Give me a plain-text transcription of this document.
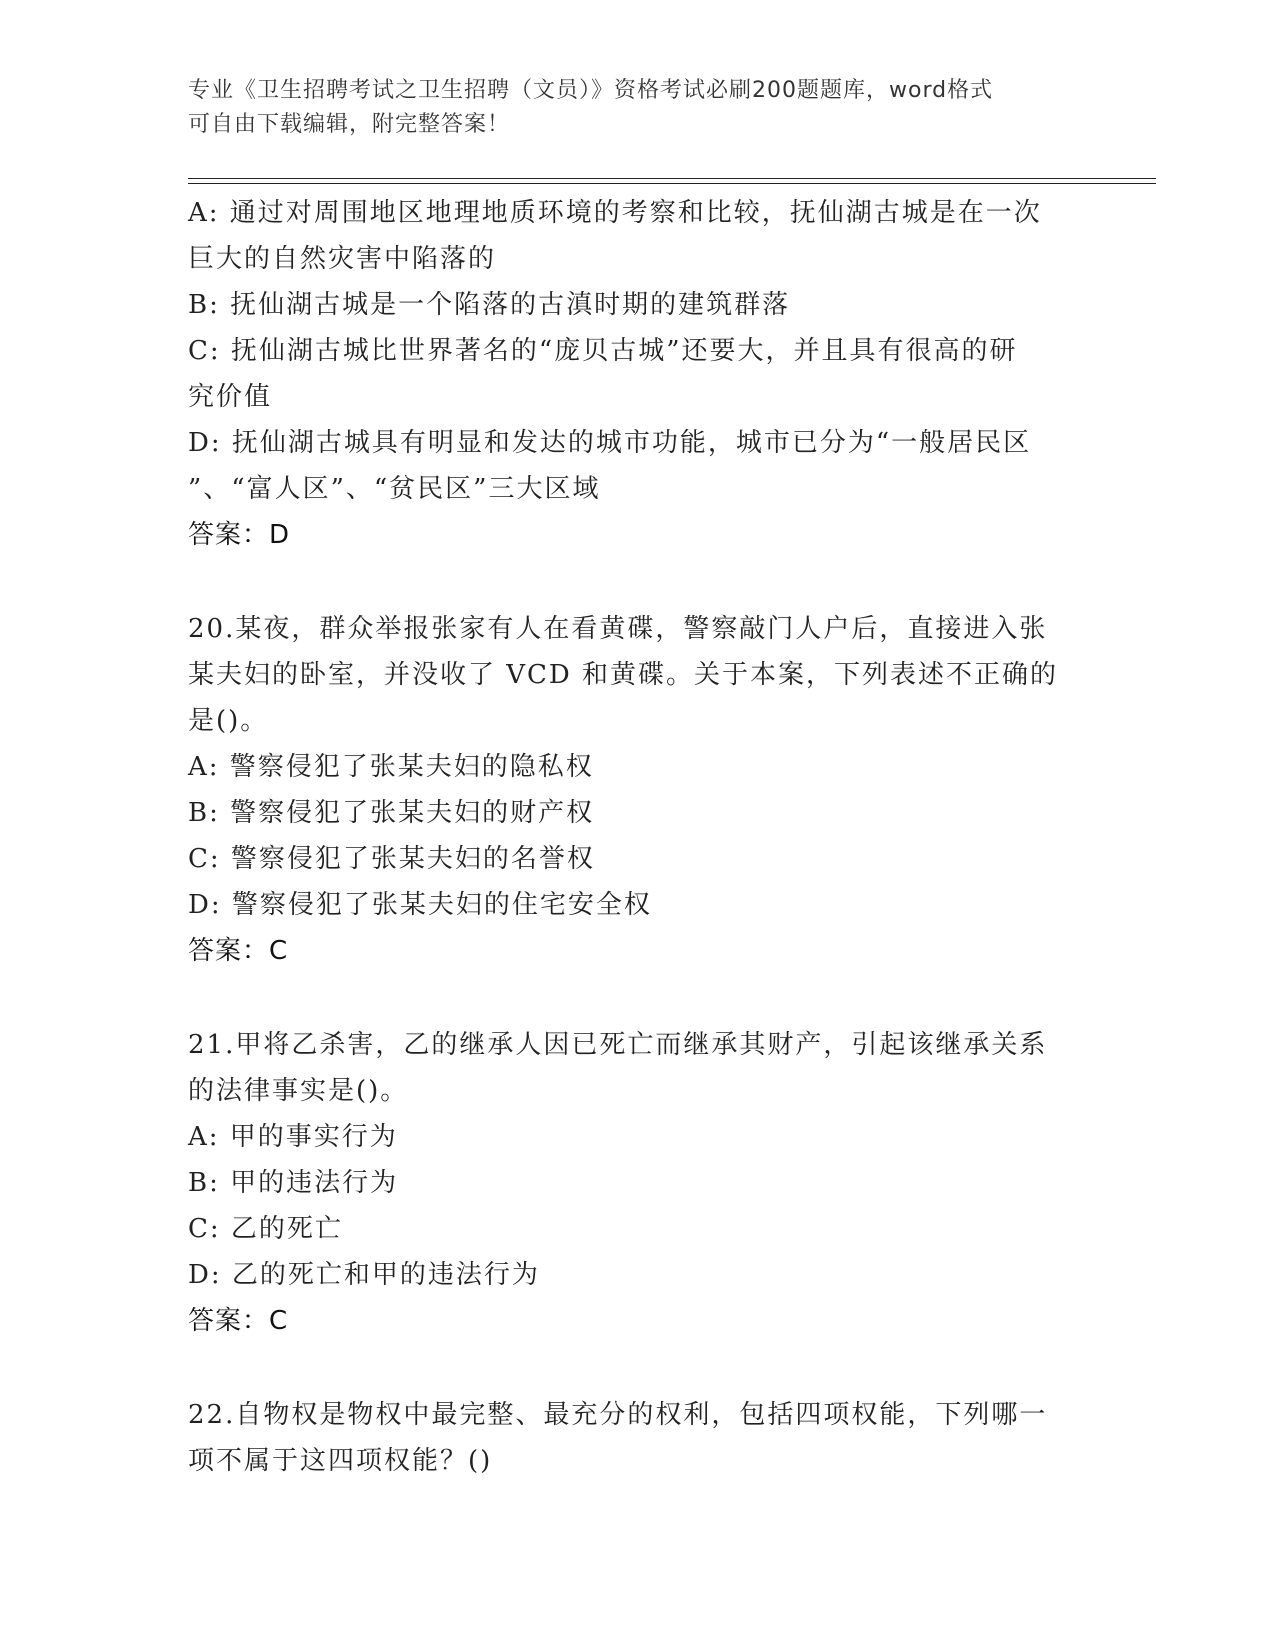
专业《卫生招聘考试之卫生招聘（文员）》资格考试必刷200题题库，word格式
可自由下载编辑，附完整答案！
A: 通过对周围地区地理地质环境的考察和比较，抚仙湖古城是在一次
巨大的自然灾害中陷落的
B: 抚仙湖古城是一个陷落的古滇时期的建筑群落
C: 抚仙湖古城比世界著名的“庞贝古城”还要大，并且具有很高的研
究价值
D: 抚仙湖古城具有明显和发达的城市功能，城市已分为“一般居民区
”、“富人区”、“贫民区”三大区域
答案：D
20.某夜，群众举报张家有人在看黄碟，警察敲门人户后，直接进入张
某夫妇的卧室，并没收了 VCD 和黄碟。关于本案，下列表述不正确的
是()。
A: 警察侵犯了张某夫妇的隐私权
B: 警察侵犯了张某夫妇的财产权
C: 警察侵犯了张某夫妇的名誉权
D: 警察侵犯了张某夫妇的住宅安全权
答案：C
21.甲将乙杀害，乙的继承人因已死亡而继承其财产，引起该继承关系
的法律事实是()。
A: 甲的事实行为
B: 甲的违法行为
C: 乙的死亡
D: 乙的死亡和甲的违法行为
答案：C
22.自物权是物权中最完整、最充分的权利，包括四项权能，下列哪一
项不属于这四项权能？()
